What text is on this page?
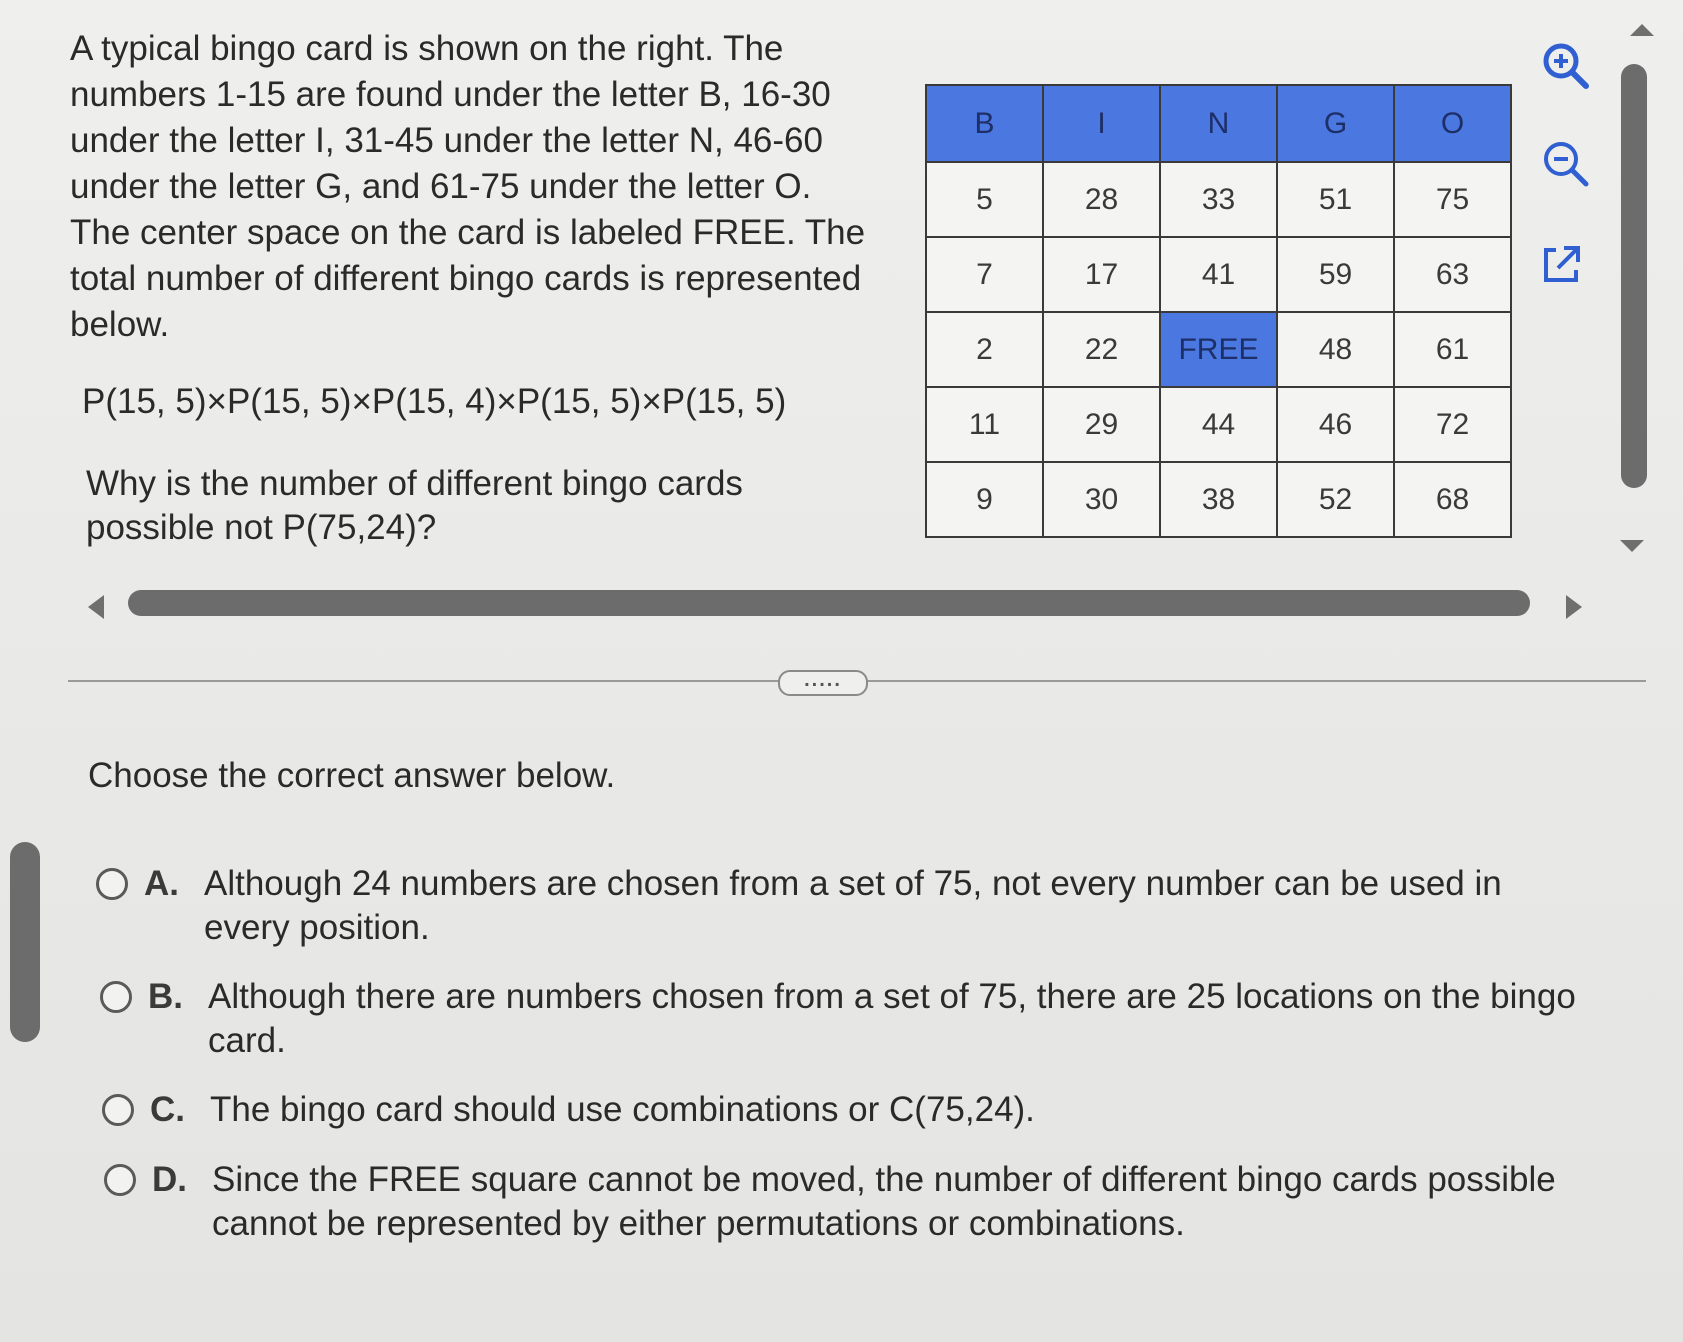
A typical bingo card is shown on the right. The numbers 1-15 are found under the letter B, 16-30 under the letter I, 31-45 under the letter N, 46-60 under the letter G, and 61-75 under the letter O. The center space on the card is labeled FREE. The total number of different bingo cards is represented below.

P(15, 5)×P(15, 5)×P(15, 4)×P(15, 5)×P(15, 5)
Why is the number of different bingo cards possible not P(75,24)?
B	I	N	G	O
5	28	33	51	75
7	17	41	59	63
2	22	FREE	48	61
11	29	44	46	72
9	30	38	52	68
.....
Choose the correct answer below.
A. Although 24 numbers are chosen from a set of 75, not every number can be used in every position.
B. Although there are numbers chosen from a set of 75, there are 25 locations on the bingo card.
C. The bingo card should use combinations or C(75,24).
D. Since the FREE square cannot be moved, the number of different bingo cards possible cannot be represented by either permutations or combinations.
